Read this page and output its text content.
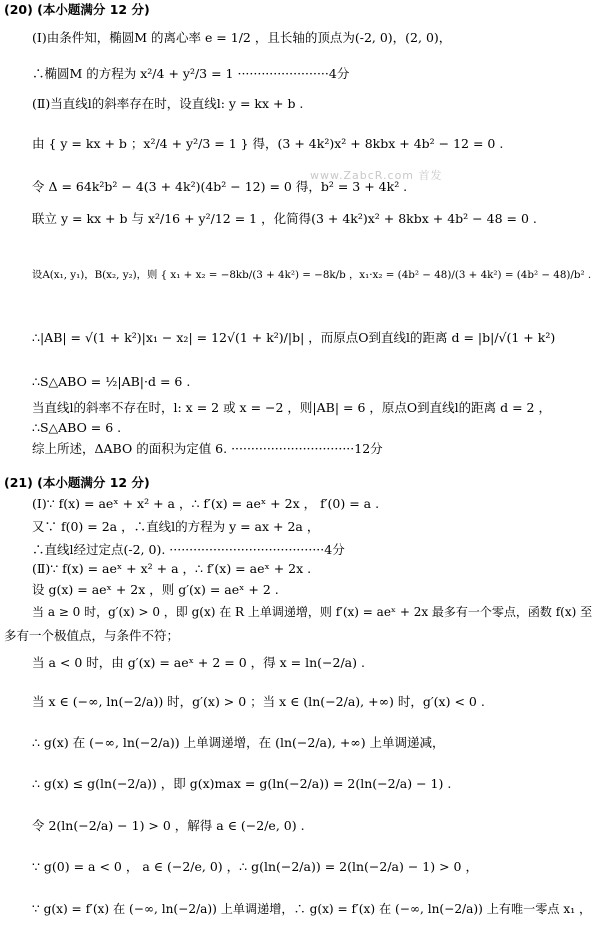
www.ZabcR.com 首发
(20) (本小题满分 12 分)
(Ⅰ)由条件知，椭圆M 的离心率 e = 1/2 ，且长轴的顶点为(-2, 0)，(2, 0)，
∴椭圆M 的方程为 x²/4 + y²/3 = 1 ·······················4分
(Ⅱ)当直线l的斜率存在时，设直线l: y = kx + b .
由 { y = kx + b ；x²/4 + y²/3 = 1 } 得，(3 + 4k²)x² + 8kbx + 4b² − 12 = 0 .
令 Δ = 64k²b² − 4(3 + 4k²)(4b² − 12) = 0 得，b² = 3 + 4k² .
联立 y = kx + b 与 x²/16 + y²/12 = 1 ，化简得(3 + 4k²)x² + 8kbx + 4b² − 48 = 0 .
设A(x₁, y₁)，B(x₂, y₂)，则 { x₁ + x₂ = −8kb/(3 + 4k²) = −8k/b ，x₁·x₂ = (4b² − 48)/(3 + 4k²) = (4b² − 48)/b² .
∴|AB| = √(1 + k²)|x₁ − x₂| = 12√(1 + k²)/|b| ，而原点O到直线l的距离 d = |b|/√(1 + k²)
∴S△ABO = ½|AB|·d = 6 .
当直线l的斜率不存在时，l: x = 2 或 x = −2 ，则|AB| = 6 ，原点O到直线l的距离 d = 2 ，
∴S△ABO = 6 .
综上所述，ΔABO 的面积为定值 6. ·······························12分
(21) (本小题满分 12 分)
(Ⅰ)∵ f(x) = aeˣ + x² + a ，∴ f′(x) = aeˣ + 2x ， f′(0) = a .
又∵ f(0) = 2a ，∴直线l的方程为 y = ax + 2a ，
∴直线l经过定点(-2, 0). ·······································4分
(Ⅱ)∵ f(x) = aeˣ + x² + a ，∴ f′(x) = aeˣ + 2x .
设 g(x) = aeˣ + 2x ，则 g′(x) = aeˣ + 2 .
当 a ≥ 0 时，g′(x) > 0 ，即 g(x) 在 R 上单调递增，则 f′(x) = aeˣ + 2x 最多有一个零点，函数 f(x) 至
多有一个极值点，与条件不符；
当 a < 0 时，由 g′(x) = aeˣ + 2 = 0 ，得 x = ln(−2/a) .
当 x ∈ (−∞, ln(−2/a)) 时，g′(x) > 0 ；当 x ∈ (ln(−2/a), +∞) 时，g′(x) < 0 .
∴ g(x) 在 (−∞, ln(−2/a)) 上单调递增，在 (ln(−2/a), +∞) 上单调递减，
∴ g(x) ≤ g(ln(−2/a)) ，即 g(x)max = g(ln(−2/a)) = 2(ln(−2/a) − 1) .
令 2(ln(−2/a) − 1) > 0 ，解得 a ∈ (−2/e, 0) .
∵ g(0) = a < 0 ， a ∈ (−2/e, 0) ，∴ g(ln(−2/a)) = 2(ln(−2/a) − 1) > 0 ，
∵ g(x) = f′(x) 在 (−∞, ln(−2/a)) 上单调递增，∴ g(x) = f′(x) 在 (−∞, ln(−2/a)) 上有唯一零点 x₁ ，
